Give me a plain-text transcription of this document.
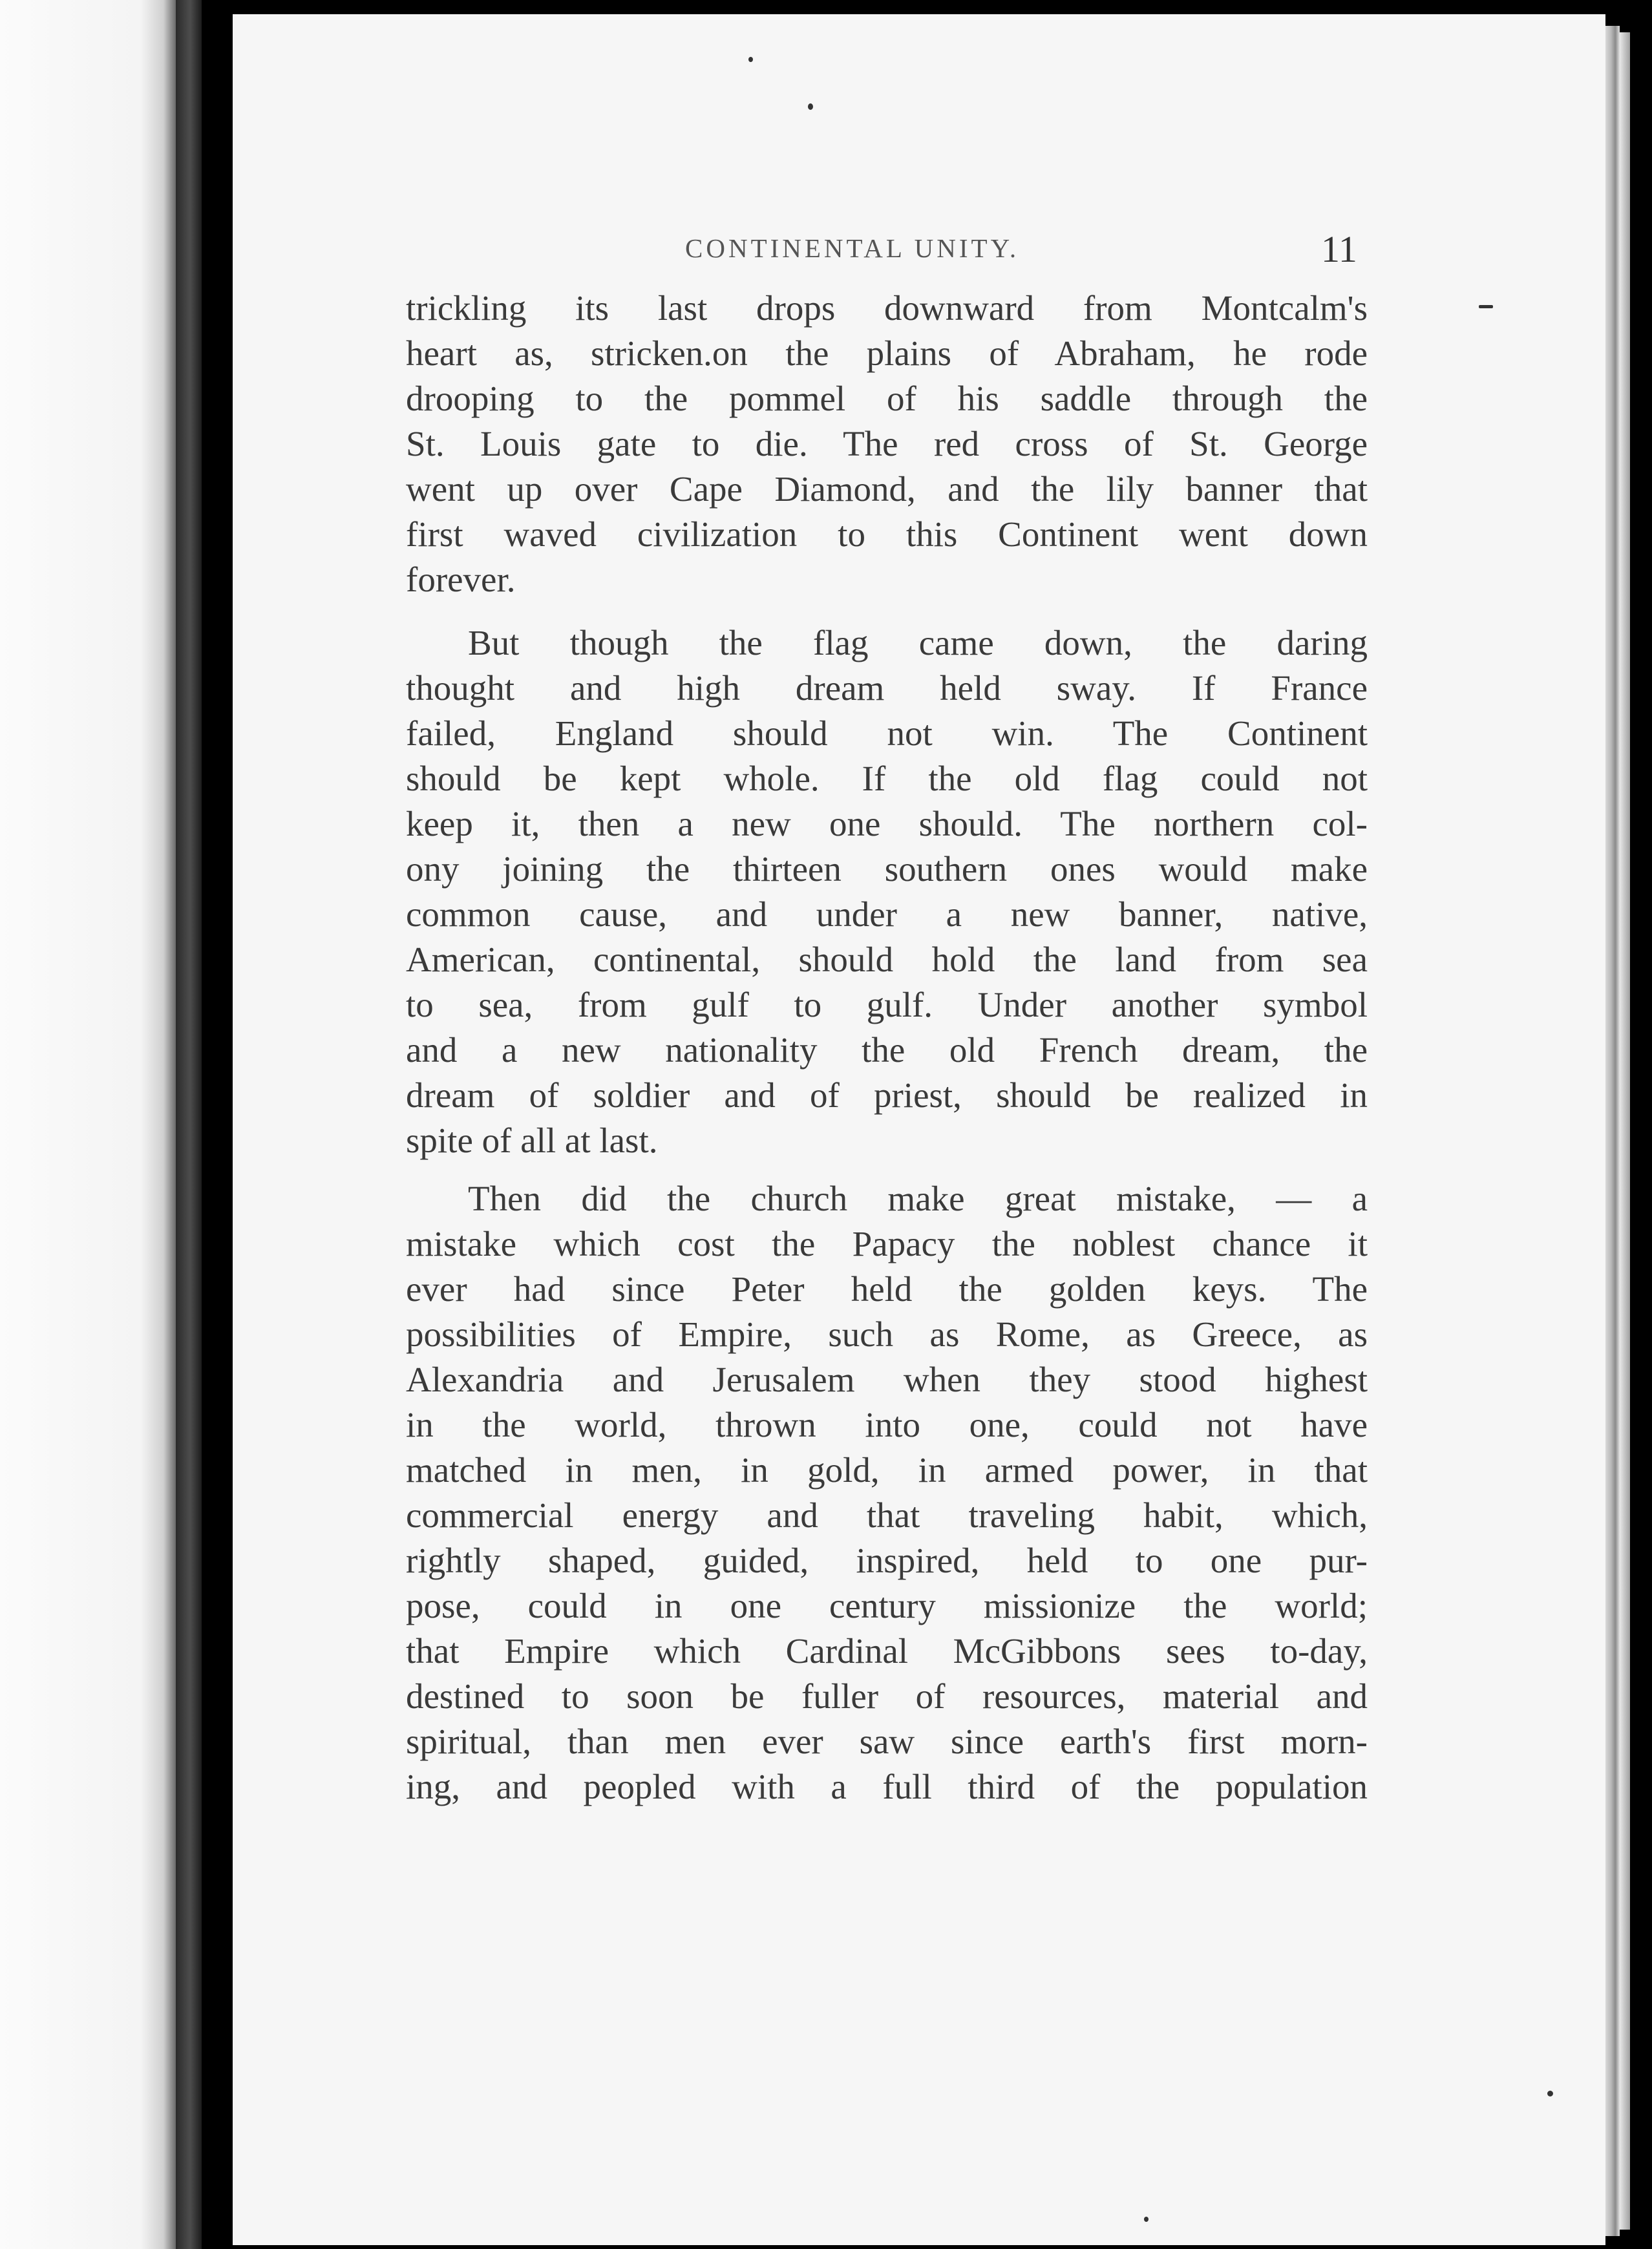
CONTINENTAL UNITY.	11
trickling its last drops downward from Montcalm's
heart as, stricken.on the plains of Abraham, he rode
drooping to the pommel of his saddle through the
St. Louis gate to die. The red cross of St. George
went up over Cape Diamond, and the lily banner that
first waved civilization to this Continent went down
forever.
But though the flag came down, the daring
thought and high dream held sway. If France
failed, England should not win. The Continent
should be kept whole. If the old flag could not
keep it, then a new one should. The northern col-
ony joining the thirteen southern ones would make
common cause, and under a new banner, native,
American, continental, should hold the land from sea
to sea, from gulf to gulf. Under another symbol
and a new nationality the old French dream, the
dream of soldier and of priest, should be realized in
spite of all at last.
Then did the church make great mistake, — a
mistake which cost the Papacy the noblest chance it
ever had since Peter held the golden keys. The
possibilities of Empire, such as Rome, as Greece, as
Alexandria and Jerusalem when they stood highest
in the world, thrown into one, could not have
matched in men, in gold, in armed power, in that
commercial energy and that traveling habit, which,
rightly shaped, guided, inspired, held to one pur-
pose, could in one century missionize the world;
that Empire which Cardinal McGibbons sees to-day,
destined to soon be fuller of resources, material and
spiritual, than men ever saw since earth's first morn-
ing, and peopled with a full third of the population
